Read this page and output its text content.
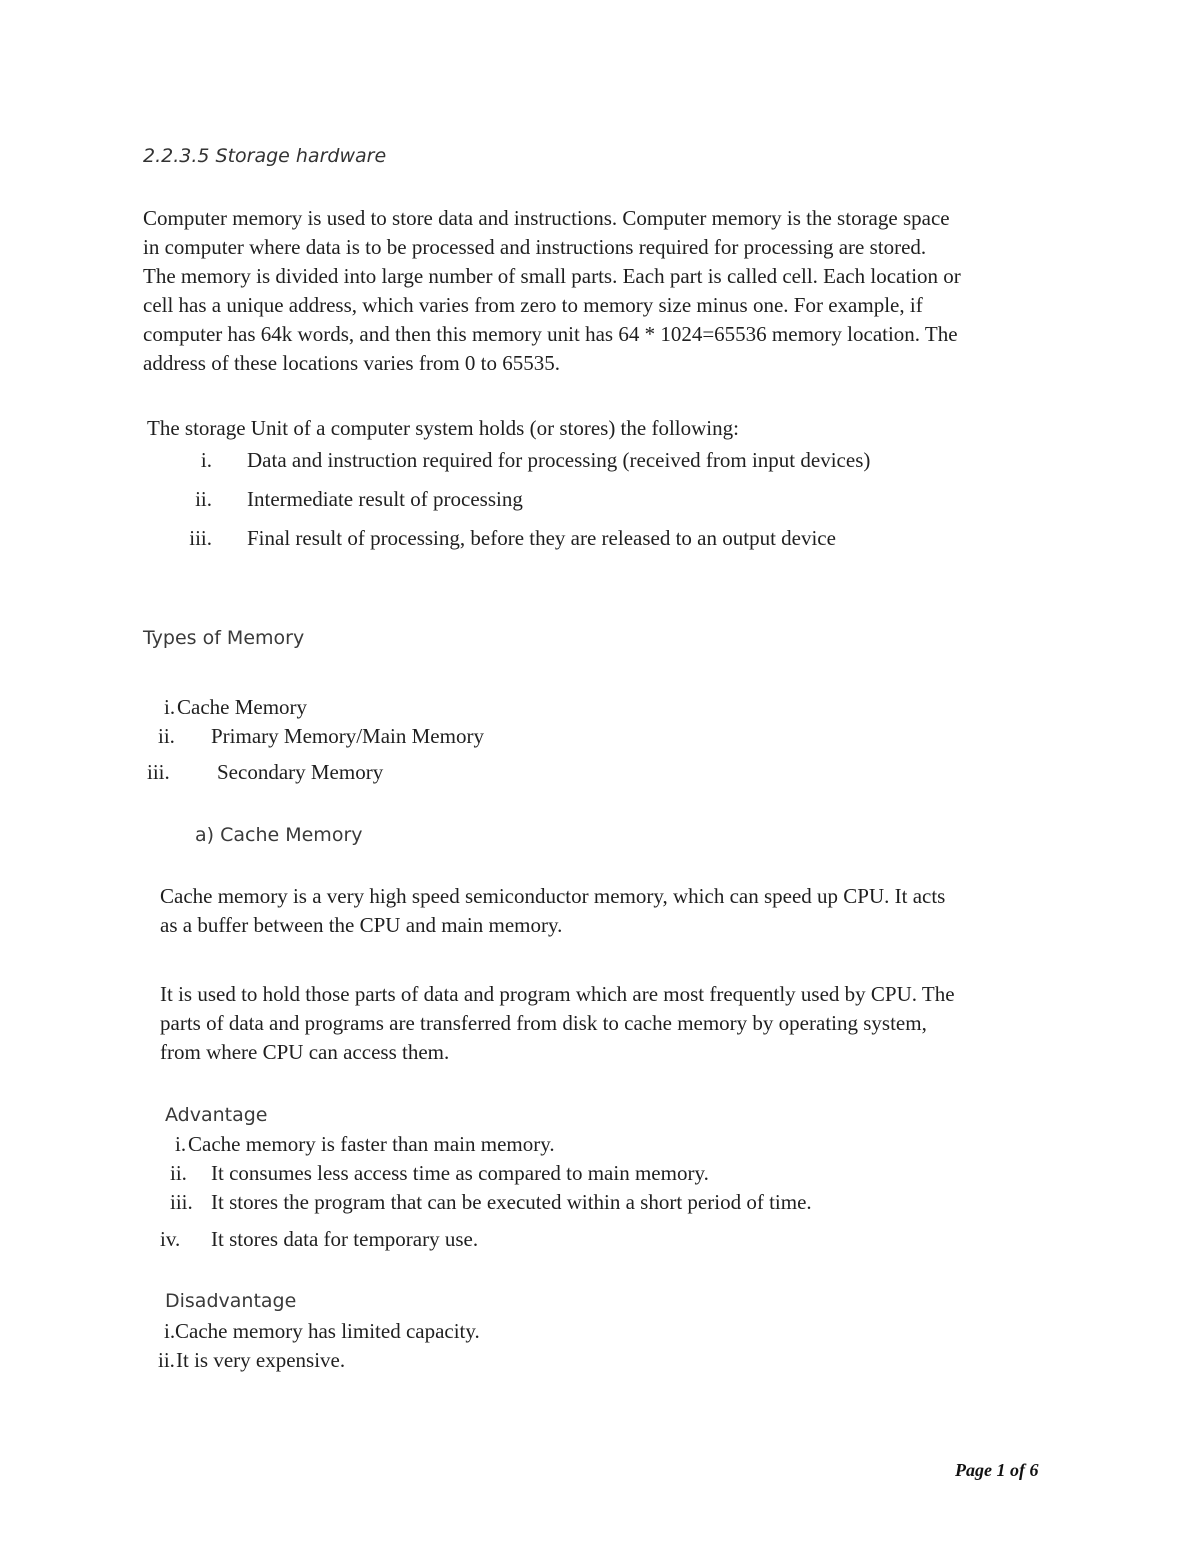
2.2.3.5 Storage hardware
Computer memory is used to store data and instructions. Computer memory is the storage space
in computer where data is to be processed and instructions required for processing are stored.
The memory is divided into large number of small parts. Each part is called cell. Each location or
cell has a unique address, which varies from zero to memory size minus one. For example, if
computer has 64k words, and then this memory unit has 64 * 1024=65536 memory location. The
address of these locations varies from 0 to 65535.
The storage Unit of a computer system holds (or stores) the following:
i. Data and instruction required for processing (received from input devices)
ii. Intermediate result of processing
iii. Final result of processing, before they are released to an output device
Types of Memory
i. Cache Memory
ii. Primary Memory/Main Memory
iii. Secondary Memory
a) Cache Memory
Cache memory is a very high speed semiconductor memory, which can speed up CPU. It acts
as a buffer between the CPU and main memory.
It is used to hold those parts of data and program which are most frequently used by CPU. The
parts of data and programs are transferred from disk to cache memory by operating system,
from where CPU can access them.
Advantage
i. Cache memory is faster than main memory.
ii. It consumes less access time as compared to main memory.
iii. It stores the program that can be executed within a short period of time.
iv. It stores data for temporary use.
Disadvantage
i. Cache memory has limited capacity.
ii. It is very expensive.
Page 1 of 6
